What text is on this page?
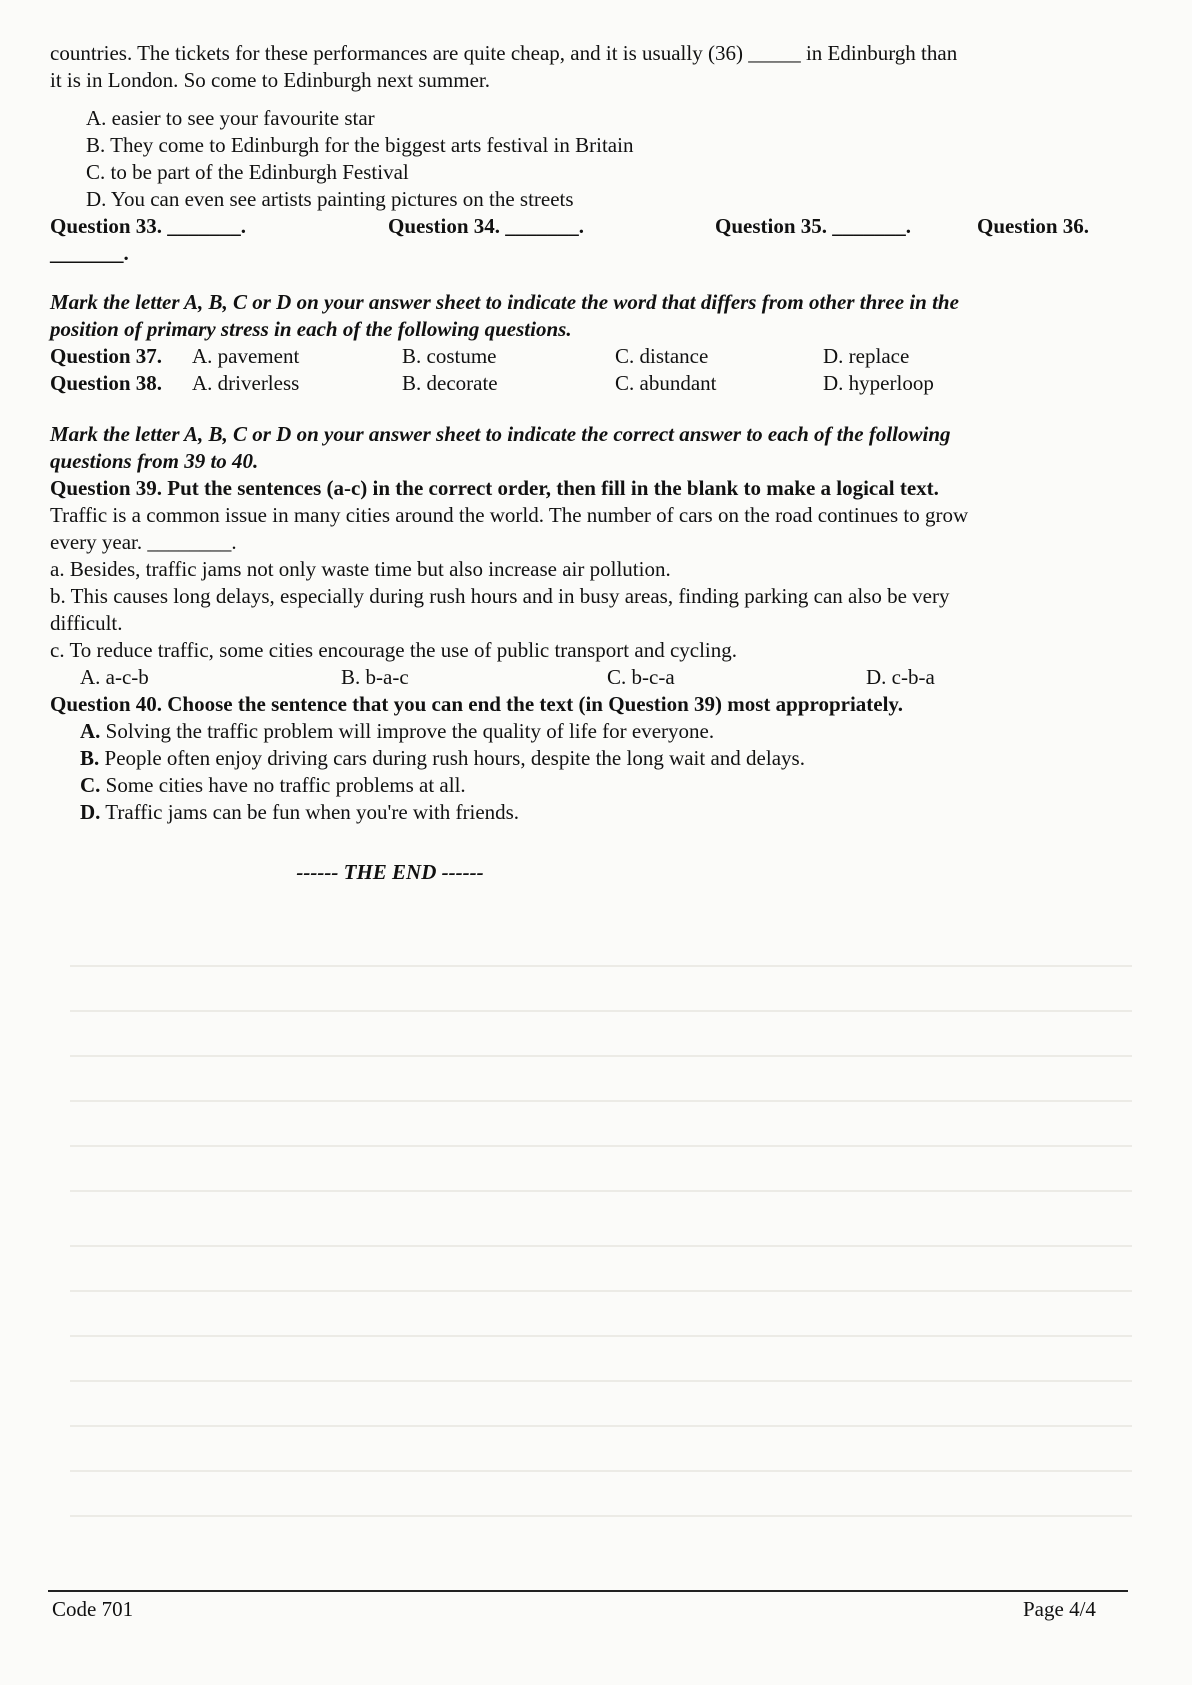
countries. The tickets for these performances are quite cheap, and it is usually (36) _____ in Edinburgh than
it is in London. So come to Edinburgh next summer.
A. easier to see your favourite star
B. They come to Edinburgh for the biggest arts festival in Britain
C. to be part of the Edinburgh Festival
D. You can even see artists painting pictures on the streets
Question 33. _______.	Question 34. _______.	Question 35. _______.	Question 36.
_______.
Mark the letter A, B, C or D on your answer sheet to indicate the word that differs from other three in the
position of primary stress in each of the following questions.
Question 37. A. pavement	B. costume	C. distance	D. replace
Question 38. A. driverless	B. decorate	C. abundant	D. hyperloop
Mark the letter A, B, C or D on your answer sheet to indicate the correct answer to each of the following
questions from 39 to 40.
Question 39. Put the sentences (a-c) in the correct order, then fill in the blank to make a logical text.
Traffic is a common issue in many cities around the world. The number of cars on the road continues to grow
every year. ________.
a. Besides, traffic jams not only waste time but also increase air pollution.
b. This causes long delays, especially during rush hours and in busy areas, finding parking can also be very
difficult.
c. To reduce traffic, some cities encourage the use of public transport and cycling.
A. a-c-b	B. b-a-c	C. b-c-a	D. c-b-a
Question 40. Choose the sentence that you can end the text (in Question 39) most appropriately.
A. Solving the traffic problem will improve the quality of life for everyone.
B. People often enjoy driving cars during rush hours, despite the long wait and delays.
C. Some cities have no traffic problems at all.
D. Traffic jams can be fun when you're with friends.
------ THE END ------
Code 701	Page 4/4
